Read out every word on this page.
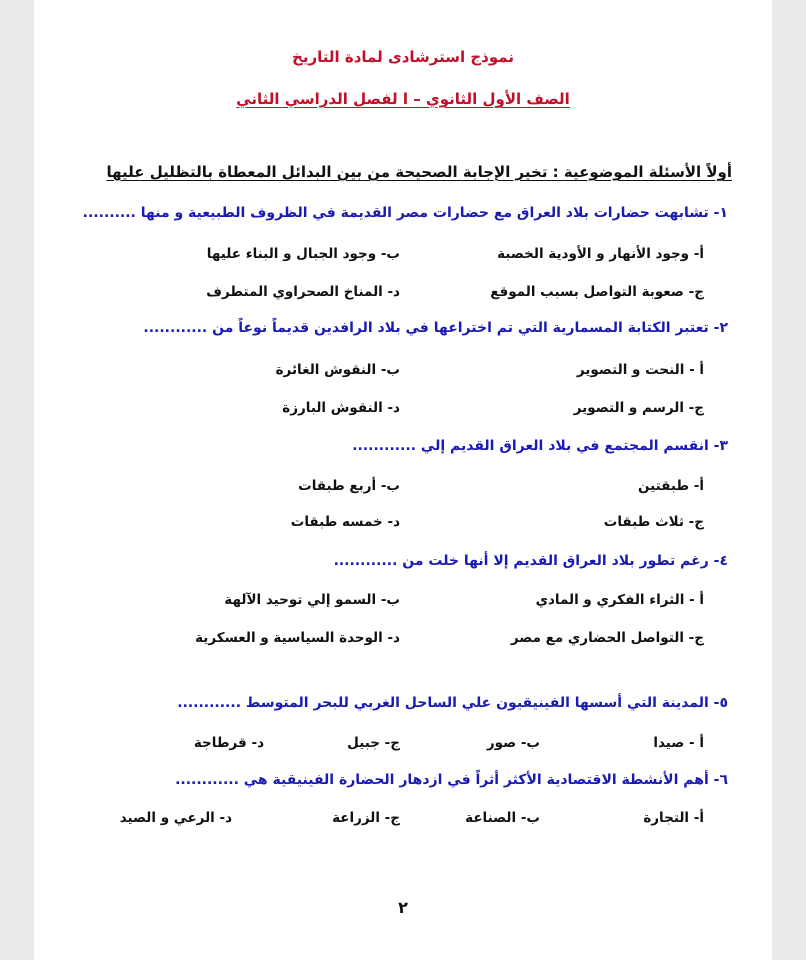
نموذج استرشادى لمادة التاريخ
الصف الأول الثانوي – ا لفصل الدراسي الثاني
أولاً الأسئلة الموضوعية : تخير الإجابة الصحيحة من بين البدائل المعطاة بالتظليل عليها
١- تشابهت حضارات بلاد العراق مع حضارات مصر القديمة في الظروف الطبيعية و منها ..........
أ- وجود الأنهار و الأودية الخصبة
ب- وجود الجبال و البناء عليها
ج- صعوبة التواصل بسبب الموقع
د- المناخ الصحراوي المتطرف
٢- تعتبر الكتابة المسمارية التي تم اختراعها في بلاد الرافدين قديماً نوعاً من ............
أ - النحت و التصوير
ب- النقوش الغائرة
ج- الرسم و التصوير
د- النقوش البارزة
٣- انقسم المجتمع في بلاد العراق القديم إلي ............
أ- طبقتين
ب- أربع طبقات
ج- ثلاث طبقات
د- خمسه طبقات
٤- رغم تطور بلاد العراق القديم إلا أنها خلت من ............
أ - الثراء الفكري و المادي
ب- السمو إلي توحيد الآلهة
ج- التواصل الحضاري مع مصر
د- الوحدة السياسية و العسكرية
٥- المدينة التي أسسها الفينيقيون علي الساحل الغربي للبحر المتوسط ............
أ - صيدا
ب- صور
ج- جبيل
د- قرطاجة
٦- أهم الأنشطة الاقتصادية الأكثر أثراً في ازدهار الحضارة الفينيقية هي ............
أ- التجارة
ب- الصناعة
ج- الزراعة
د- الرعي و الصيد
٢
